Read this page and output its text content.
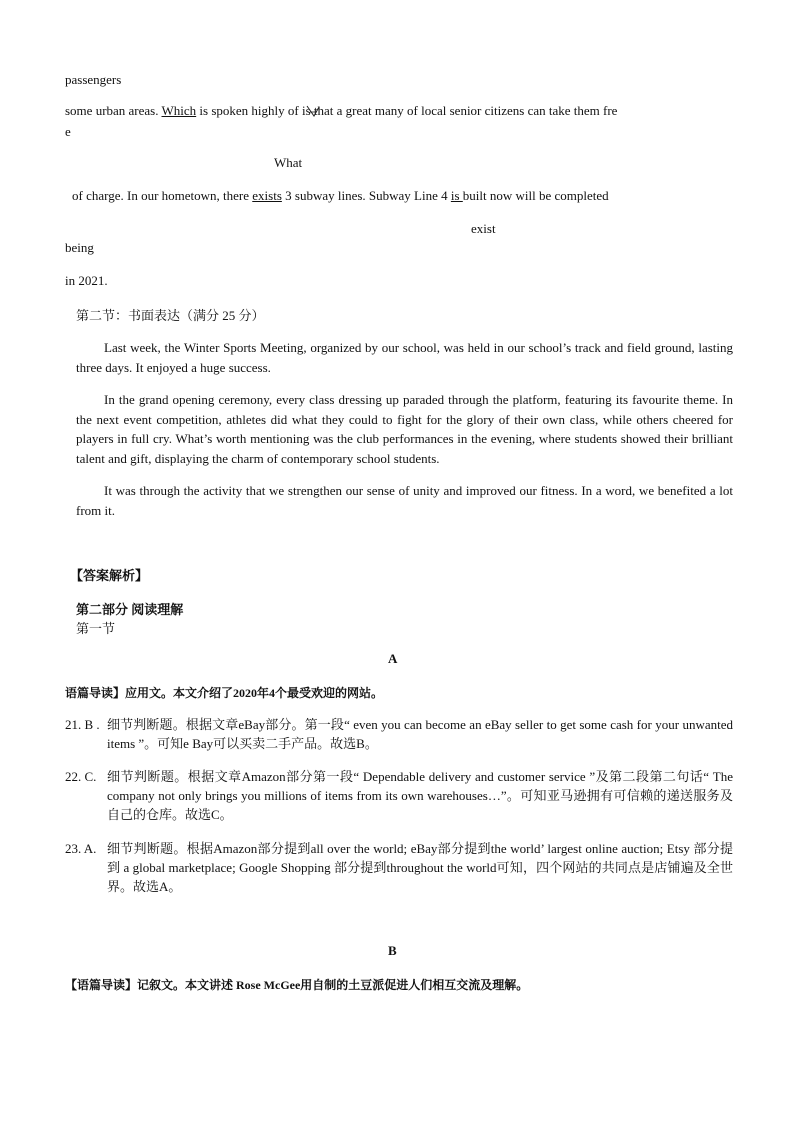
passengers
some urban areas. Which is spoken highly of is that a great many of local senior citizens can take them fre
e
What
of charge. In our hometown, there exists 3 subway lines. Subway Line 4 is built now will be completed
exist
being
in 2021.
第二节：书面表达（满分 25 分）
Last week, the Winter Sports Meeting, organized by our school, was held in our school’s track and field ground, lasting three days. It enjoyed a huge success.
In the grand opening ceremony, every class dressing up paraded through the platform, featuring its favourite theme. In the next event competition, athletes did what they could to fight for the glory of their own class, while others cheered for players in full cry. What’s worth mentioning was the club performances in the evening, where students showed their brilliant talent and gift, displaying the charm of contemporary school students.
It was through the activity that we strengthen our sense of unity and improved our fitness. In a word, we benefited a lot from it.
【答案解析】
第二部分 阅读理解
第一节
A
语篇导读】应用文。本文介绍了2020年4个最受欢迎的网站。
21. B . 细节判断题。根据文章eBay部分。第一段“ even you can become an eBay seller to get some cash for your unwanted items ”。可知e Bay可以买卖二手产品。故选B。
22. C. 细节判断题。根据文章Amazon部分第一段“ Dependable delivery and customer service ”及第二段第二句话“ The company not only brings you millions of items from its own warehouses…”。可知亚马逊拥有可信赖的递送服务及自己的仓库。故选C。
23. A. 细节判断题。根据Amazon部分提到all over the world; eBay部分提到the world’ largest online auction; Etsy 部分提到 a global marketplace; Google Shopping 部分提到throughout the world可知，四个网站的共同点是店铺遍及全世界。故选A。
B
【语篇导读】记叙文。本文讲述 Rose McGee用自制的土豆派促进人们相互交流及理解。
